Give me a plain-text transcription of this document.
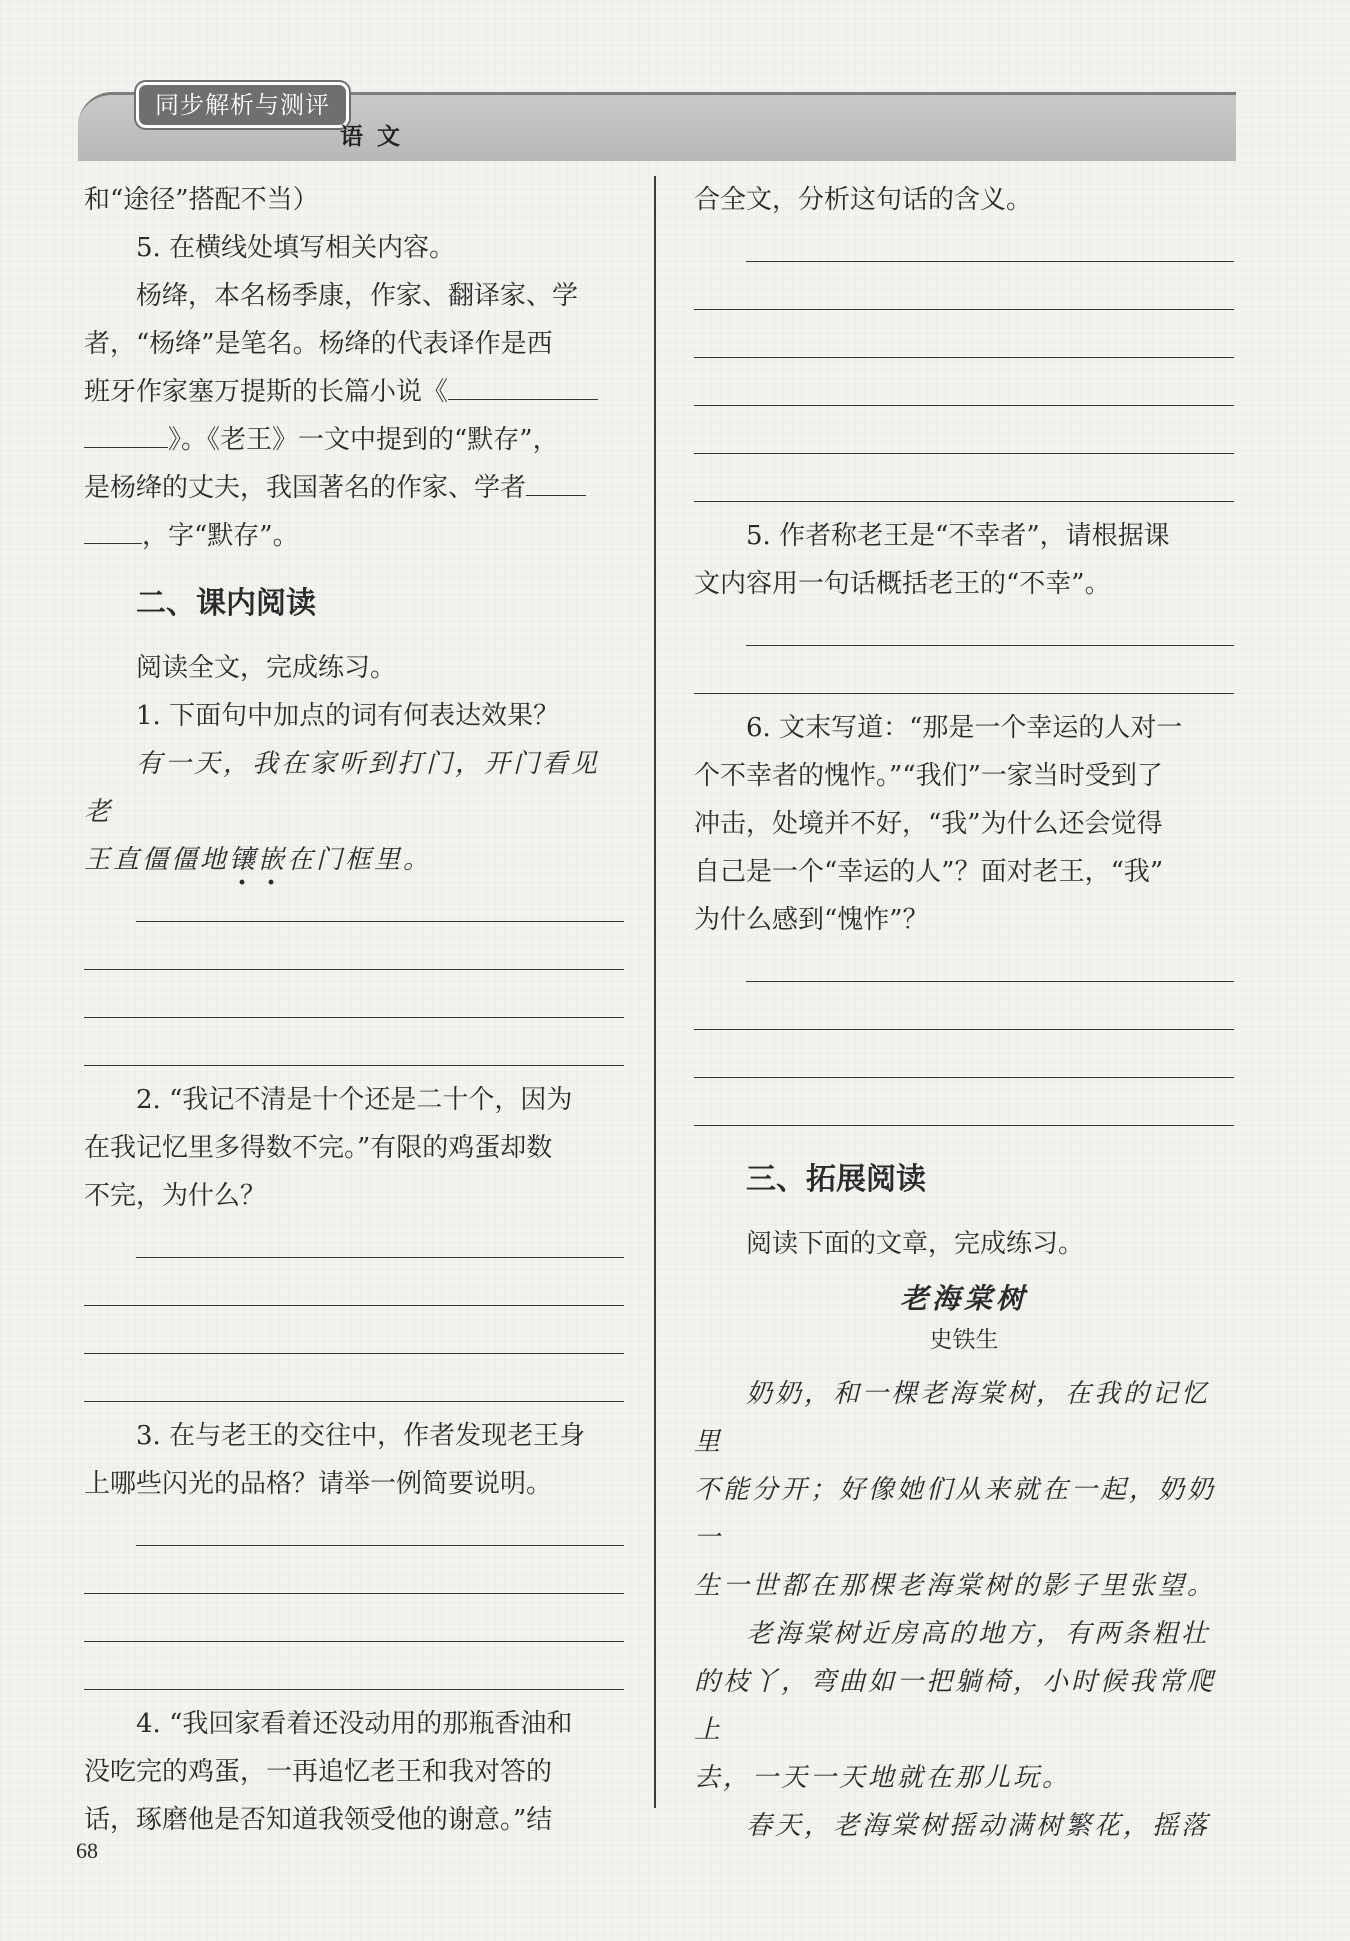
同步解析与测评
语文

和“途径”搭配不当）

5. 在横线处填写相关内容。

杨绛，本名杨季康，作家、翻译家、学

者，“杨绛”是笔名。杨绛的代表译作是西

班牙作家塞万提斯的长篇小说《

》。《老王》一文中提到的“默存”，

是杨绛的丈夫，我国著名的作家、学者

，字“默存”。

二、课内阅读

阅读全文，完成练习。

1. 下面句中加点的词有何表达效果？

有一天，我在家听到打门，开门看见老

王直僵僵地镶嵌在门框里。

2. “我记不清是十个还是二十个，因为

在我记忆里多得数不完。”有限的鸡蛋却数

不完，为什么？

3. 在与老王的交往中，作者发现老王身

上哪些闪光的品格？请举一例简要说明。

4. “我回家看着还没动用的那瓶香油和

没吃完的鸡蛋，一再追忆老王和我对答的

话，琢磨他是否知道我领受他的谢意。”结

合全文，分析这句话的含义。

5. 作者称老王是“不幸者”，请根据课

文内容用一句话概括老王的“不幸”。

6. 文末写道：“那是一个幸运的人对一

个不幸者的愧怍。”“我们”一家当时受到了

冲击，处境并不好，“我”为什么还会觉得

自己是一个“幸运的人”？面对老王，“我”

为什么感到“愧怍”？

三、拓展阅读

阅读下面的文章，完成练习。

老海棠树
史铁生

奶奶，和一棵老海棠树，在我的记忆里

不能分开；好像她们从来就在一起，奶奶一

生一世都在那棵老海棠树的影子里张望。

老海棠树近房高的地方，有两条粗壮

的枝丫，弯曲如一把躺椅，小时候我常爬上

去，一天一天地就在那儿玩。

春天，老海棠树摇动满树繁花，摇落

68
